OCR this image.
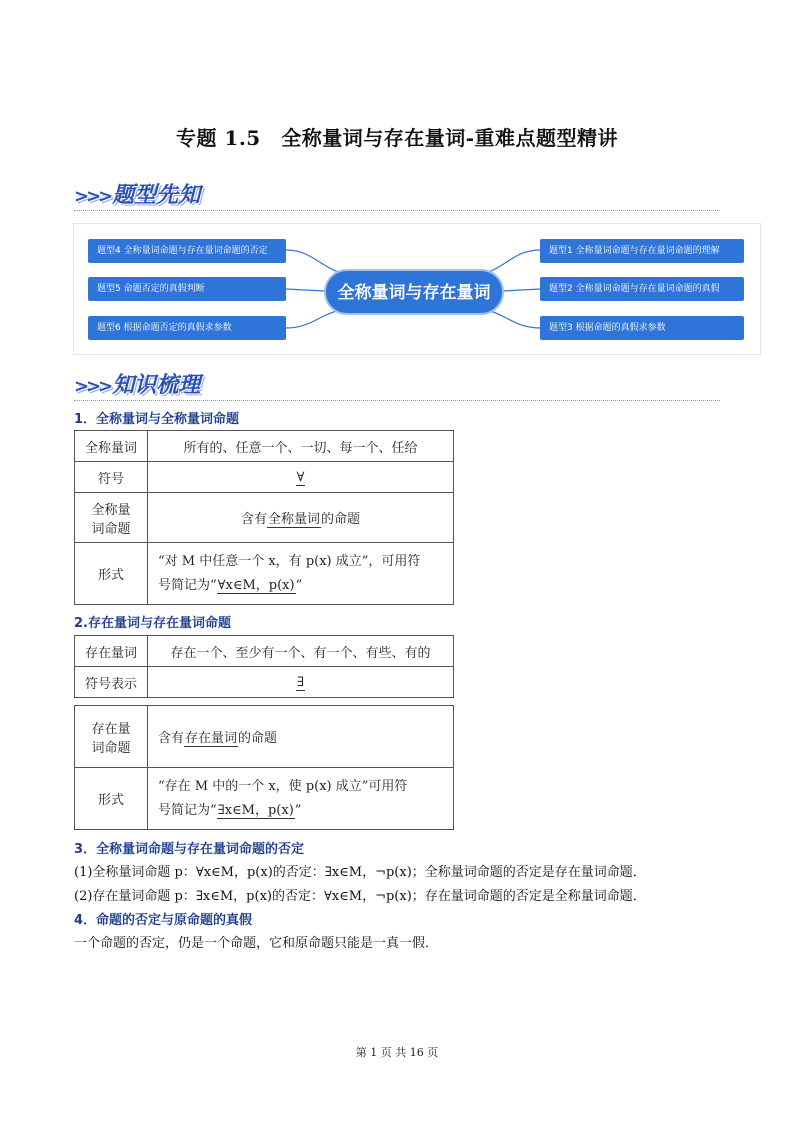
专题 1.5　全称量词与存在量词-重难点题型精讲
>>>题型先知
题型4 全称量词命题与存在量词命题的否定
题型5 命题否定的真假判断
题型6 根据命题否定的真假求参数
全称量词与存在量词
题型1 全称量词命题与存在量词命题的理解
题型2 全称量词命题与存在量词命题的真假
题型3 根据命题的真假求参数
>>>知识梳理
1．全称量词与全称量词命题
全称量词	所有的、任意一个、一切、每一个、任给
符号	∀
全称量
词命题	含有全称量词的命题
形式	“对 M 中任意一个 x，有 p(x) 成立”，可用符
号简记为“∀x∈M，p(x)”
2.存在量词与存在量词命题
存在量词	存在一个、至少有一个、有一个、有些、有的
符号表示	∃
存在量
词命题	含有存在量词的命题
形式	“存在 M 中的一个 x，使 p(x) 成立”可用符
号简记为“∃x∈M，p(x)”
3．全称量词命题与存在量词命题的否定
(1)全称量词命题 p：∀x∈M，p(x)的否定：∃x∈M，¬p(x)；全称量词命题的否定是存在量词命题．
(2)存在量词命题 p：∃x∈M，p(x)的否定：∀x∈M，¬p(x)；存在量词命题的否定是全称量词命题．
4．命题的否定与原命题的真假
一个命题的否定，仍是一个命题，它和原命题只能是一真一假．
第 1 页 共 16 页
